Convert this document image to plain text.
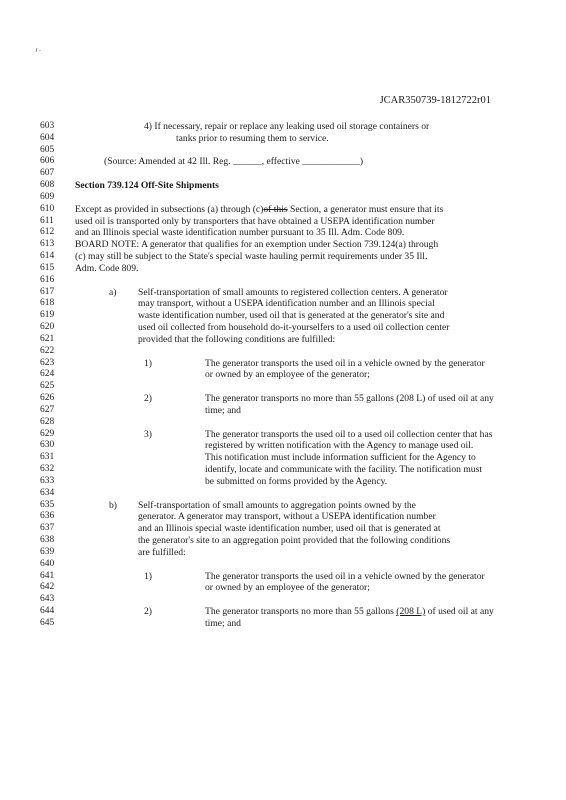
JCAR350739-1812722r01
603	4) If necessary, repair or replace any leaking used oil storage containers or
604	tanks prior to resuming them to service.
605
606	(Source: Amended at 42 Ill. Reg. ______, effective ____________)
607
608	Section 739.124 Off-Site Shipments
609
610	Except as provided in subsections (a) through (c)of this Section, a generator must ensure that its
611	used oil is transported only by transporters that have obtained a USEPA identification number
612	and an Illinois special waste identification number pursuant to 35 Ill. Adm. Code 809.
613	BOARD NOTE: A generator that qualifies for an exemption under Section 739.124(a) through
614	(c) may still be subject to the State's special waste hauling permit requirements under 35 Ill.
615	Adm. Code 809.
616
617	a) Self-transportation of small amounts to registered collection centers. A generator
618	may transport, without a USEPA identification number and an Illinois special
619	waste identification number, used oil that is generated at the generator's site and
620	used oil collected from household do-it-yourselfers to a used oil collection center
621	provided that the following conditions are fulfilled:
622
623	1)	The generator transports the used oil in a vehicle owned by the generator
624	or owned by an employee of the generator;
625
626	2)	The generator transports no more than 55 gallons (208 L) of used oil at any
627	time; and
628
629	3)	The generator transports the used oil to a used oil collection center that has
630	registered by written notification with the Agency to manage used oil.
631	This notification must include information sufficient for the Agency to
632	identify, locate and communicate with the facility. The notification must
633	be submitted on forms provided by the Agency.
634
635	b) Self-transportation of small amounts to aggregation points owned by the
636	generator. A generator may transport, without a USEPA identification number
637	and an Illinois special waste identification number, used oil that is generated at
638	the generator's site to an aggregation point provided that the following conditions
639	are fulfilled:
640
641	1)	The generator transports the used oil in a vehicle owned by the generator
642	or owned by an employee of the generator;
643
644	2)	The generator transports no more than 55 gallons (208 L) of used oil at any
645	time; and
